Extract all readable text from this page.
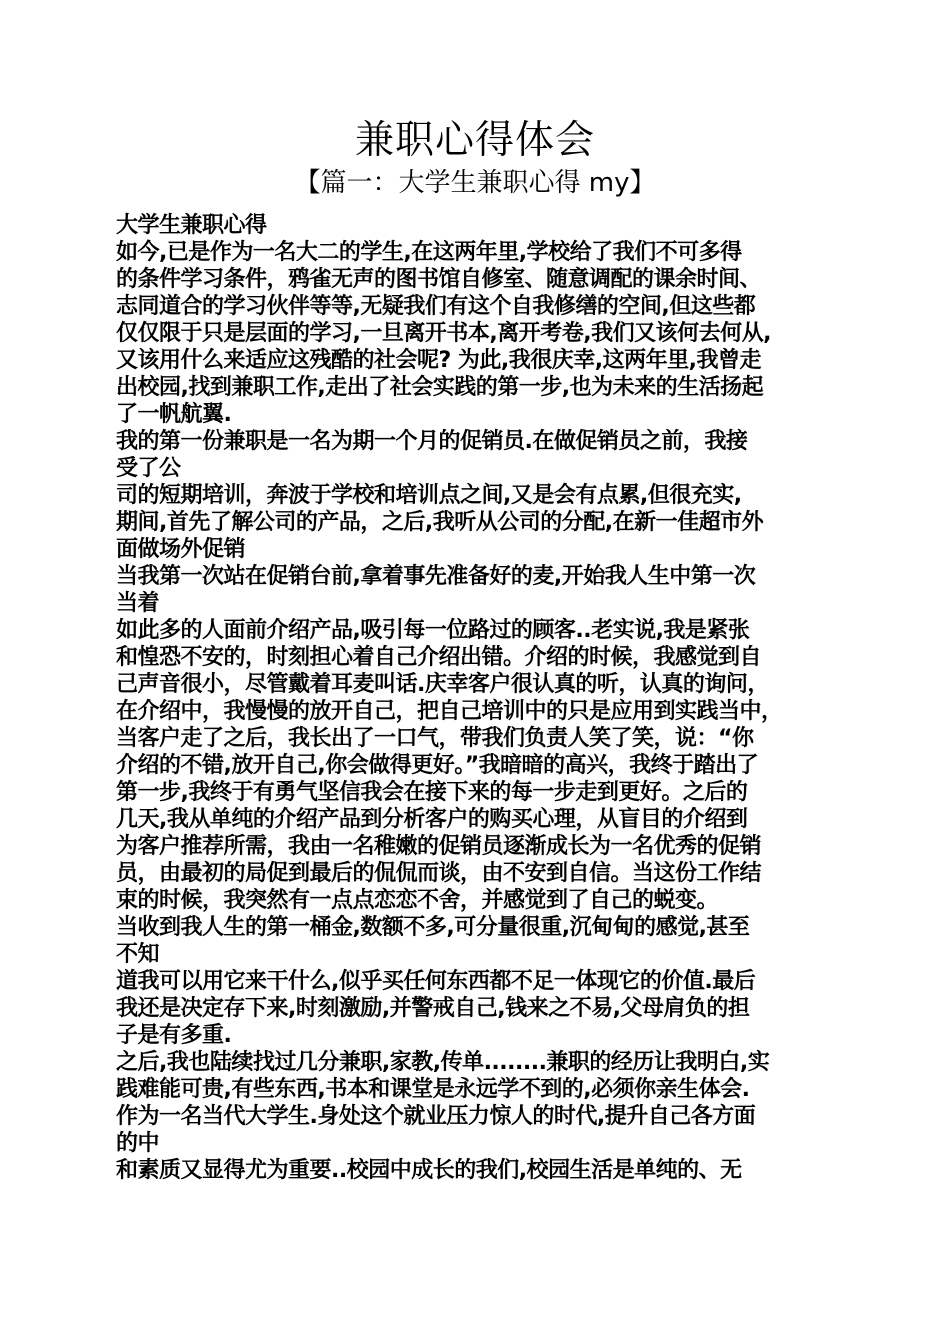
兼职心得体会
【篇一：大学生兼职心得 my】
大学生兼职心得
如今,已是作为一名大二的学生,在这两年里,学校给了我们不可多得
的条件学习条件，鸦雀无声的图书馆自修室、随意调配的课余时间、
志同道合的学习伙伴等等,无疑我们有这个自我修缮的空间,但这些都
仅仅限于只是层面的学习,一旦离开书本,离开考卷,我们又该何去何从,
又该用什么来适应这残酷的社会呢? 为此,我很庆幸,这两年里,我曾走
出校园,找到兼职工作,走出了社会实践的第一步,也为未来的生活扬起
了一帆航翼.
我的第一份兼职是一名为期一个月的促销员.在做促销员之前，我接
受了公
司的短期培训，奔波于学校和培训点之间,又是会有点累,但很充实,
期间,首先了解公司的产品，之后,我听从公司的分配,在新一佳超市外
面做场外促销
当我第一次站在促销台前,拿着事先准备好的麦,开始我人生中第一次
当着
如此多的人面前介绍产品,吸引每一位路过的顾客..老实说,我是紧张
和惶恐不安的，时刻担心着自己介绍出错。介绍的时候，我感觉到自
己声音很小，尽管戴着耳麦叫话.庆幸客户很认真的听，认真的询问，
在介绍中，我慢慢的放开自己，把自己培训中的只是应用到实践当中，
当客户走了之后，我长出了一口气，带我们负责人笑了笑，说：“你
介绍的不错,放开自己,你会做得更好。”我暗暗的高兴，我终于踏出了
第一步,我终于有勇气坚信我会在接下来的每一步走到更好。之后的
几天,我从单纯的介绍产品到分析客户的购买心理，从盲目的介绍到
为客户推荐所需，我由一名稚嫩的促销员逐渐成长为一名优秀的促销
员，由最初的局促到最后的侃侃而谈，由不安到自信。当这份工作结
束的时候，我突然有一点点恋恋不舍，并感觉到了自己的蜕变。
当收到我人生的第一桶金,数额不多,可分量很重,沉甸甸的感觉,甚至
不知
道我可以用它来干什么,似乎买任何东西都不足一体现它的价值.最后
我还是决定存下来,时刻激励,并警戒自己,钱来之不易,父母肩负的担
子是有多重.
之后,我也陆续找过几分兼职,家教,传单........兼职的经历让我明白,实
践难能可贵,有些东西,书本和课堂是永远学不到的,必须你亲生体会.
作为一名当代大学生.身处这个就业压力惊人的时代,提升自己各方面
的中
和素质又显得尤为重要..校园中成长的我们,校园生活是单纯的、无
